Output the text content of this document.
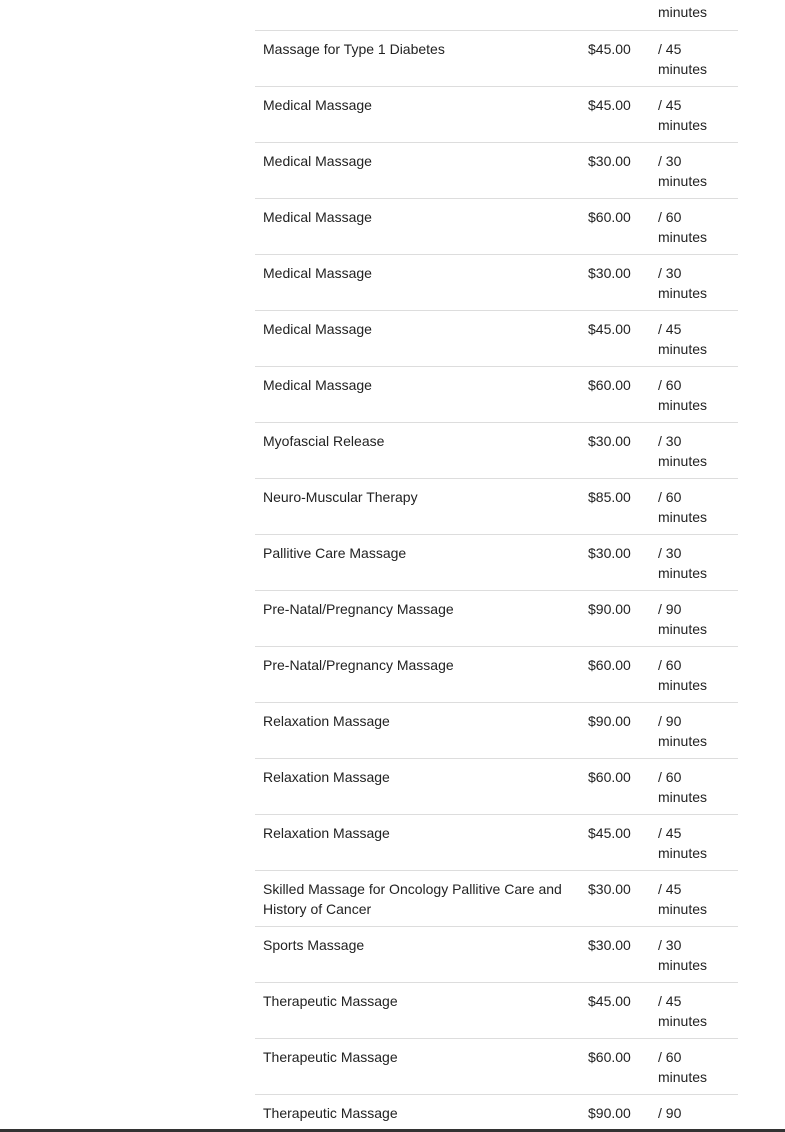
minutes
Massage for Type 1 Diabetes	$45.00	/ 45
minutes
Medical Massage	$45.00	/ 45
minutes
Medical Massage	$30.00	/ 30
minutes
Medical Massage	$60.00	/ 60
minutes
Medical Massage	$30.00	/ 30
minutes
Medical Massage	$45.00	/ 45
minutes
Medical Massage	$60.00	/ 60
minutes
Myofascial Release	$30.00	/ 30
minutes
Neuro-Muscular Therapy	$85.00	/ 60
minutes
Pallitive Care Massage	$30.00	/ 30
minutes
Pre-Natal/Pregnancy Massage	$90.00	/ 90
minutes
Pre-Natal/Pregnancy Massage	$60.00	/ 60
minutes
Relaxation Massage	$90.00	/ 90
minutes
Relaxation Massage	$60.00	/ 60
minutes
Relaxation Massage	$45.00	/ 45
minutes
Skilled Massage for Oncology Pallitive Care and History of Cancer	$30.00	/ 45
minutes
Sports Massage	$30.00	/ 30
minutes
Therapeutic Massage	$45.00	/ 45
minutes
Therapeutic Massage	$60.00	/ 60
minutes
Therapeutic Massage	$90.00	/ 90
